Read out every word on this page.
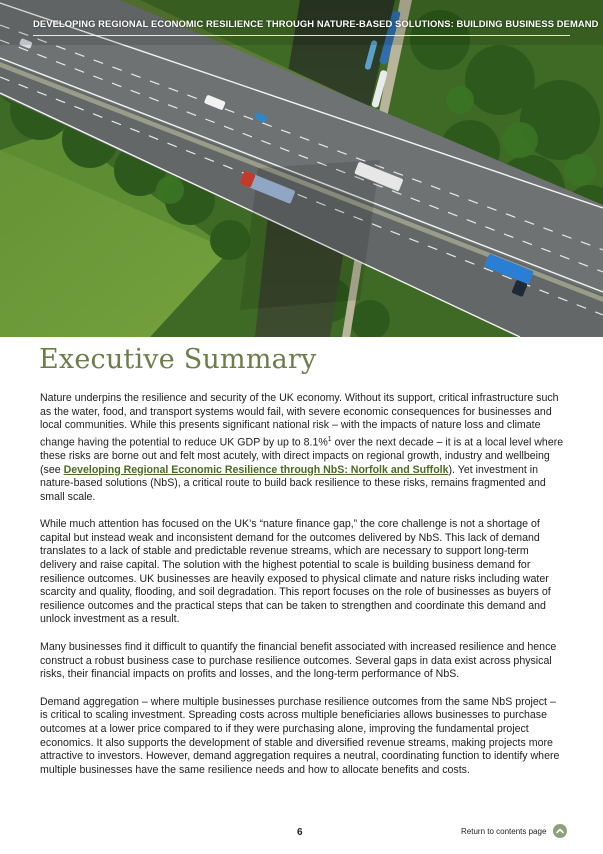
DEVELOPING REGIONAL ECONOMIC RESILIENCE THROUGH NATURE-BASED SOLUTIONS: BUILDING BUSINESS DEMAND
Executive Summary

Nature underpins the resilience and security of the UK economy. Without its support, critical infrastructure such as the water, food, and transport systems would fail, with severe economic consequences for businesses and local communities. While this presents significant national risk – with the impacts of nature loss and climate change having the potential to reduce UK GDP by up to 8.1%$^1$ over the next decade – it is at a local level where these risks are borne out and felt most acutely, with direct impacts on regional growth, industry and wellbeing (see Developing Regional Economic Resilience through NbS: Norfolk and Suffolk). Yet investment in nature-based solutions (NbS), a critical route to build back resilience to these risks, remains fragmented and small scale.

While much attention has focused on the UK’s “nature finance gap,” the core challenge is not a shortage of capital but instead weak and inconsistent demand for the outcomes delivered by NbS. This lack of demand translates to a lack of stable and predictable revenue streams, which are necessary to support long-term delivery and raise capital. The solution with the highest potential to scale is building business demand for resilience outcomes. UK businesses are heavily exposed to physical climate and nature risks including water scarcity and quality, flooding, and soil degradation. This report focuses on the role of businesses as buyers of resilience outcomes and the practical steps that can be taken to strengthen and coordinate this demand and unlock investment as a result.

Many businesses find it difficult to quantify the financial benefit associated with increased resilience and hence construct a robust business case to purchase resilience outcomes. Several gaps in data exist across physical risks, their financial impacts on profits and losses, and the long-term performance of NbS.

Demand aggregation – where multiple businesses purchase resilience outcomes from the same NbS project – is critical to scaling investment. Spreading costs across multiple beneficiaries allows businesses to purchase outcomes at a lower price compared to if they were purchasing alone, improving the fundamental project economics. It also supports the development of stable and diversified revenue streams, making projects more attractive to investors. However, demand aggregation requires a neutral, coordinating function to identify where multiple businesses have the same resilience needs and how to allocate benefits and costs.

6	Return to contents page
